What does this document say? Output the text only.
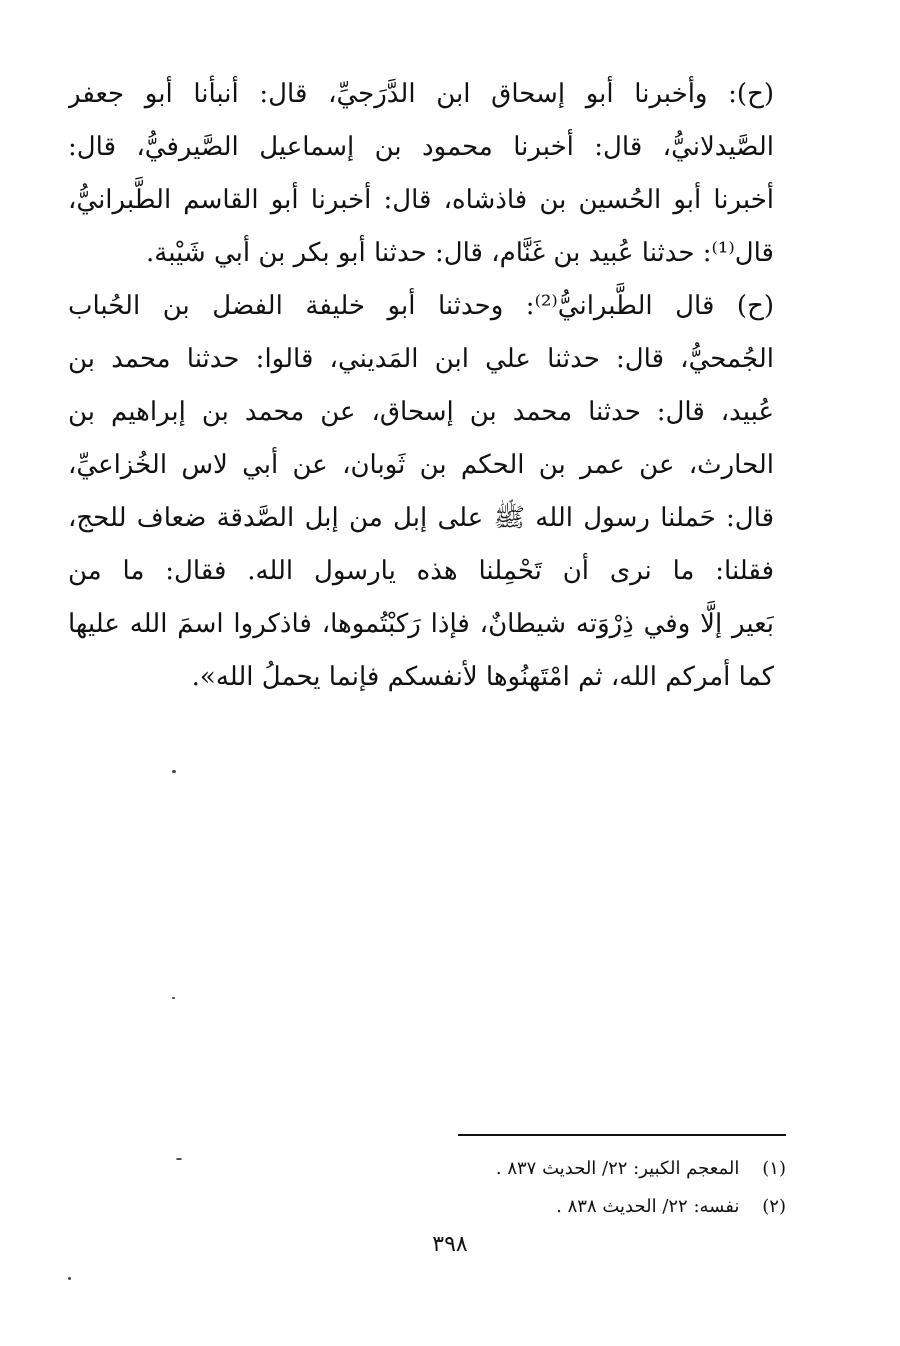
(ح): وأخبرنا أبو إسحاق ابن الدَّرَجيِّ، قال: أنبأنا أبو جعفر
الصَّيدلانيُّ، قال: أخبرنا محمود بن إسماعيل الصَّيرفيُّ، قال:
أخبرنا أبو الحُسين بن فاذشاه، قال: أخبرنا أبو القاسم الطَّبرانيُّ،
قال⁽¹⁾: حدثنا عُبيد بن غَنَّام، قال: حدثنا أبو بكر بن أبي شَيْبة.
(ح) قال الطَّبرانيُّ⁽²⁾: وحدثنا أبو خليفة الفضل بن الحُباب
الجُمحيُّ، قال: حدثنا علي ابن المَديني، قالوا: حدثنا محمد بن
عُبيد، قال: حدثنا محمد بن إسحاق، عن محمد بن إبراهيم بن
الحارث، عن عمر بن الحكم بن ثَوبان، عن أبي لاس الخُزاعيِّ،
قال: حَملنا رسول الله ﷺ على إبل من إبل الصَّدقة ضعاف للحج،
فقلنا: ما نرى أن تَحْمِلنا هذه يارسول الله. فقال: ما من
بَعير إلَّا وفي ذِرْوَته شيطانٌ، فإذا رَكبْتُموها، فاذكروا اسمَ الله عليها
كما أمركم الله، ثم امْتَهنُوها لأنفسكم فإنما يحملُ الله».
(١)    المعجم الكبير: ٢٢/ الحديث ٨٣٧ .
(٢)    نفسه: ٢٢/ الحديث ٨٣٨ .
٣٩٨
